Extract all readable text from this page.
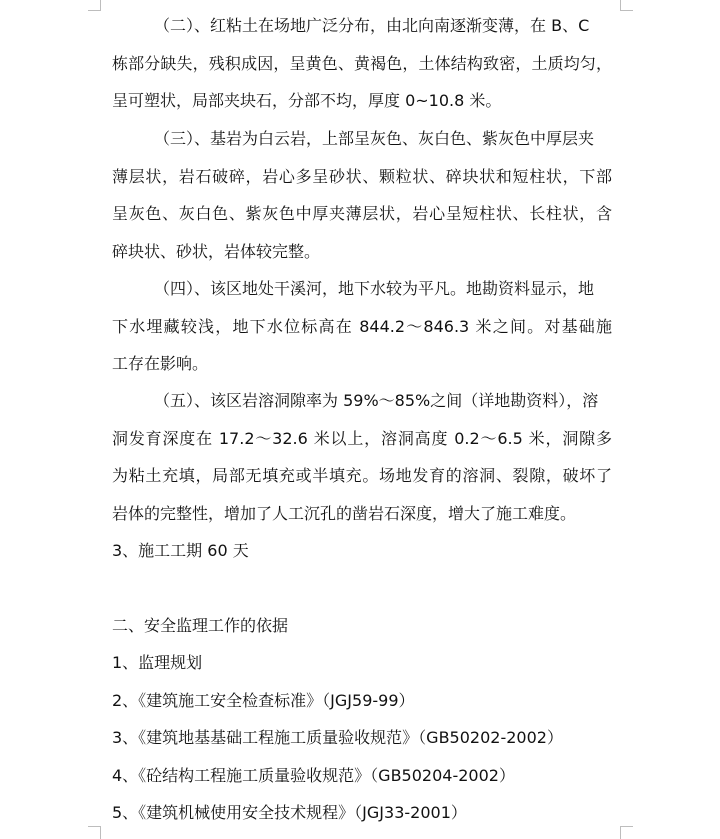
（二）、红粘土在场地广泛分布，由北向南逐渐变薄，在 B、C
栋部分缺失，残积成因，呈黄色、黄褐色，土体结构致密，土质均匀，
呈可塑状，局部夹块石，分部不均，厚度 0~10.8 米。
（三）、基岩为白云岩，上部呈灰色、灰白色、紫灰色中厚层夹
薄层状，岩石破碎，岩心多呈砂状、颗粒状、碎块状和短柱状，下部
呈灰色、灰白色、紫灰色中厚夹薄层状，岩心呈短柱状、长柱状，含
碎块状、砂状，岩体较完整。
（四）、该区地处干溪河，地下水较为平凡。地勘资料显示，地
下水埋藏较浅，地下水位标高在 844.2～846.3 米之间。对基础施
工存在影响。
（五）、该区岩溶洞隙率为 59%～85%之间（详地勘资料），溶
洞发育深度在 17.2～32.6 米以上，溶洞高度 0.2～6.5 米，洞隙多
为粘土充填，局部无填充或半填充。场地发育的溶洞、裂隙，破坏了
岩体的完整性，增加了人工沉孔的凿岩石深度，增大了施工难度。
3、施工工期 60 天
二、安全监理工作的依据
1、监理规划
2、《建筑施工安全检查标准》（JGJ59-99）
3、《建筑地基基础工程施工质量验收规范》（GB50202-2002）
4、《砼结构工程施工质量验收规范》（GB50204-2002）
5、《建筑机械使用安全技术规程》（JGJ33-2001）
